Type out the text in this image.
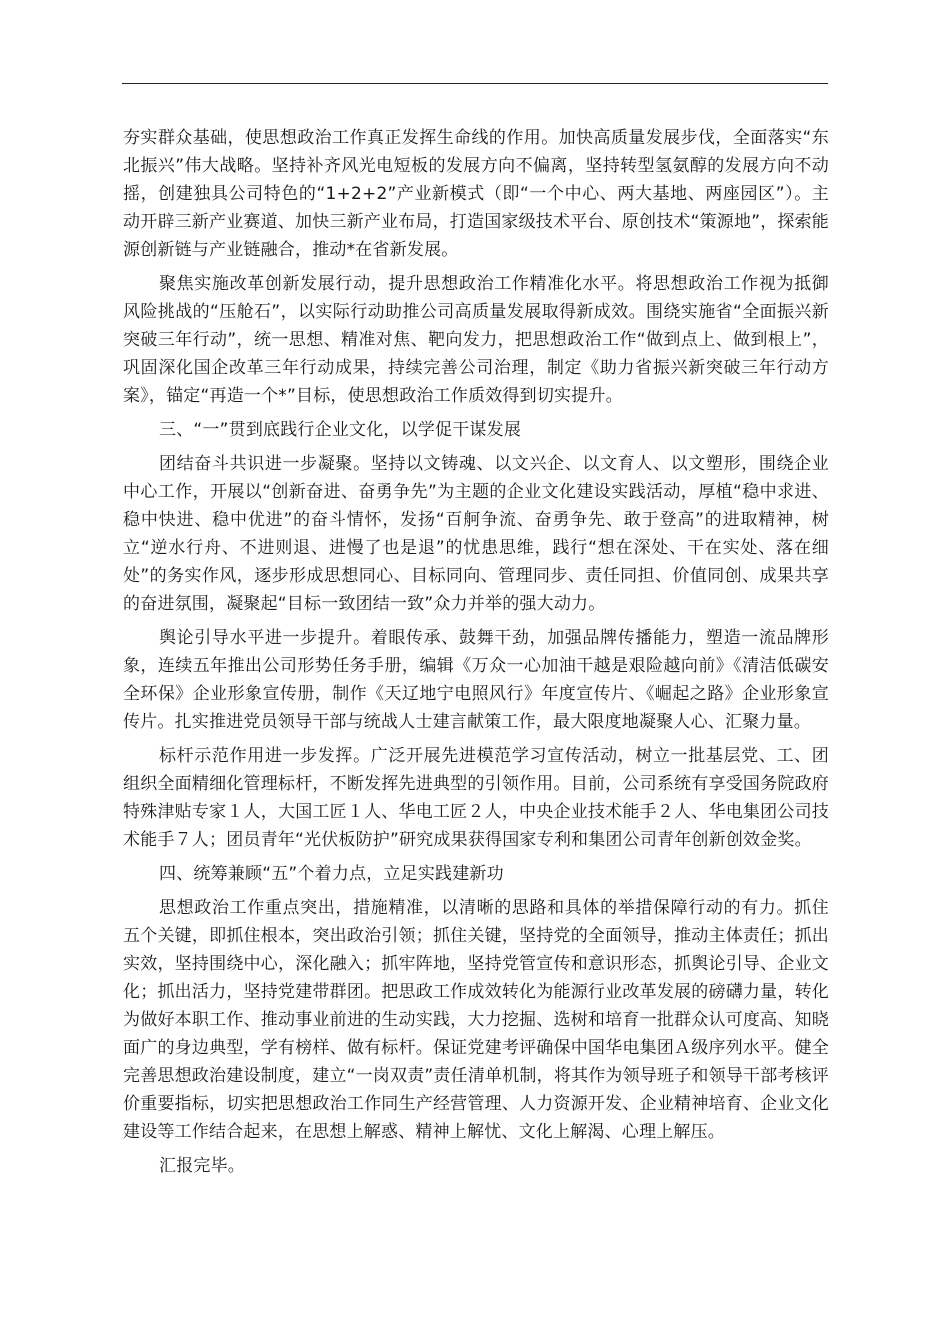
夯实群众基础，使思想政治工作真正发挥生命线的作用。加快高质量发展步伐，全面落实“东北振兴”伟大战略。坚持补齐风光电短板的发展方向不偏离，坚持转型氢氨醇的发展方向不动摇，创建独具公司特色的“1+2+2”产业新模式（即“一个中心、两大基地、两座园区”）。主动开辟三新产业赛道、加快三新产业布局，打造国家级技术平台、原创技术“策源地”，探索能源创新链与产业链融合，推动*在省新发展。

聚焦实施改革创新发展行动，提升思想政治工作精准化水平。将思想政治工作视为抵御风险挑战的“压舱石”，以实际行动助推公司高质量发展取得新成效。围绕实施省“全面振兴新突破三年行动”，统一思想、精准对焦、靶向发力，把思想政治工作“做到点上、做到根上”，巩固深化国企改革三年行动成果，持续完善公司治理，制定《助力省振兴新突破三年行动方案》，锚定“再造一个*”目标，使思想政治工作质效得到切实提升。

三、“一”贯到底践行企业文化，以学促干谋发展

团结奋斗共识进一步凝聚。坚持以文铸魂、以文兴企、以文育人、以文塑形，围绕企业中心工作，开展以“创新奋进、奋勇争先”为主题的企业文化建设实践活动，厚植“稳中求进、稳中快进、稳中优进”的奋斗情怀，发扬“百舸争流、奋勇争先、敢于登高”的进取精神，树立“逆水行舟、不进则退、进慢了也是退”的忧患思维，践行“想在深处、干在实处、落在细处”的务实作风，逐步形成思想同心、目标同向、管理同步、责任同担、价值同创、成果共享的奋进氛围，凝聚起“目标一致团结一致”众力并举的强大动力。

舆论引导水平进一步提升。着眼传承、鼓舞干劲，加强品牌传播能力，塑造一流品牌形象，连续五年推出公司形势任务手册，编辑《万众一心加油干越是艰险越向前》《清洁低碳安全环保》企业形象宣传册，制作《天辽地宁电照风行》年度宣传片、《崛起之路》企业形象宣传片。扎实推进党员领导干部与统战人士建言献策工作，最大限度地凝聚人心、汇聚力量。

标杆示范作用进一步发挥。广泛开展先进模范学习宣传活动，树立一批基层党、工、团组织全面精细化管理标杆，不断发挥先进典型的引领作用。目前，公司系统有享受国务院政府特殊津贴专家１人，大国工匠１人、华电工匠２人，中央企业技术能手２人、华电集团公司技术能手７人；团员青年“光伏板防护”研究成果获得国家专利和集团公司青年创新创效金奖。

四、统筹兼顾“五”个着力点，立足实践建新功

思想政治工作重点突出，措施精准，以清晰的思路和具体的举措保障行动的有力。抓住五个关键，即抓住根本，突出政治引领；抓住关键，坚持党的全面领导，推动主体责任；抓出实效，坚持围绕中心，深化融入；抓牢阵地，坚持党管宣传和意识形态，抓舆论引导、企业文化；抓出活力，坚持党建带群团。把思政工作成效转化为能源行业改革发展的磅礴力量，转化为做好本职工作、推动事业前进的生动实践，大力挖掘、选树和培育一批群众认可度高、知晓面广的身边典型，学有榜样、做有标杆。保证党建考评确保中国华电集团Ａ级序列水平。健全完善思想政治建设制度，建立“一岗双责”责任清单机制，将其作为领导班子和领导干部考核评价重要指标，切实把思想政治工作同生产经营管理、人力资源开发、企业精神培育、企业文化建设等工作结合起来，在思想上解惑、精神上解忧、文化上解渴、心理上解压。

汇报完毕。
